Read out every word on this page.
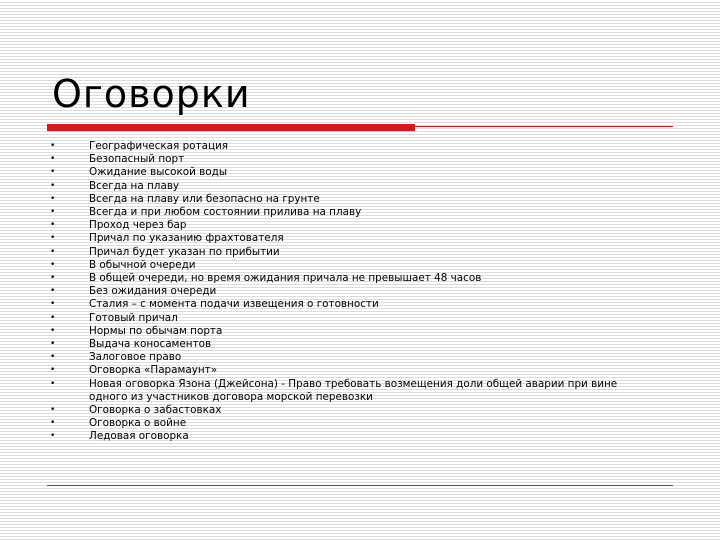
Оговорки
•	Географическая ротация
•	Безопасный порт
•	Ожидание высокой воды
•	Всегда на плаву
•	Всегда на плаву или безопасно на грунте
•	Всегда и при любом состоянии прилива на плаву
•	Проход через бар
•	Причал по указанию фрахтователя
•	Причал будет указан по прибытии
•	В обычной очереди
•	В общей очереди, но время ожидания причала не превышает 48 часов
•	Без ожидания очереди
•	Сталия – с момента подачи извещения о готовности
•	Готовый причал
•	Нормы по обычам порта
•	Выдача коносаментов
•	Залоговое право
•	Оговорка «Парамаунт»
•	Новая оговорка Язона (Джейсона) - Право требовать возмещения доли общей аварии при вине одного из участников договора морской перевозки
•	Оговорка о забастовках
•	Оговорка о войне
•	Ледовая оговорка
